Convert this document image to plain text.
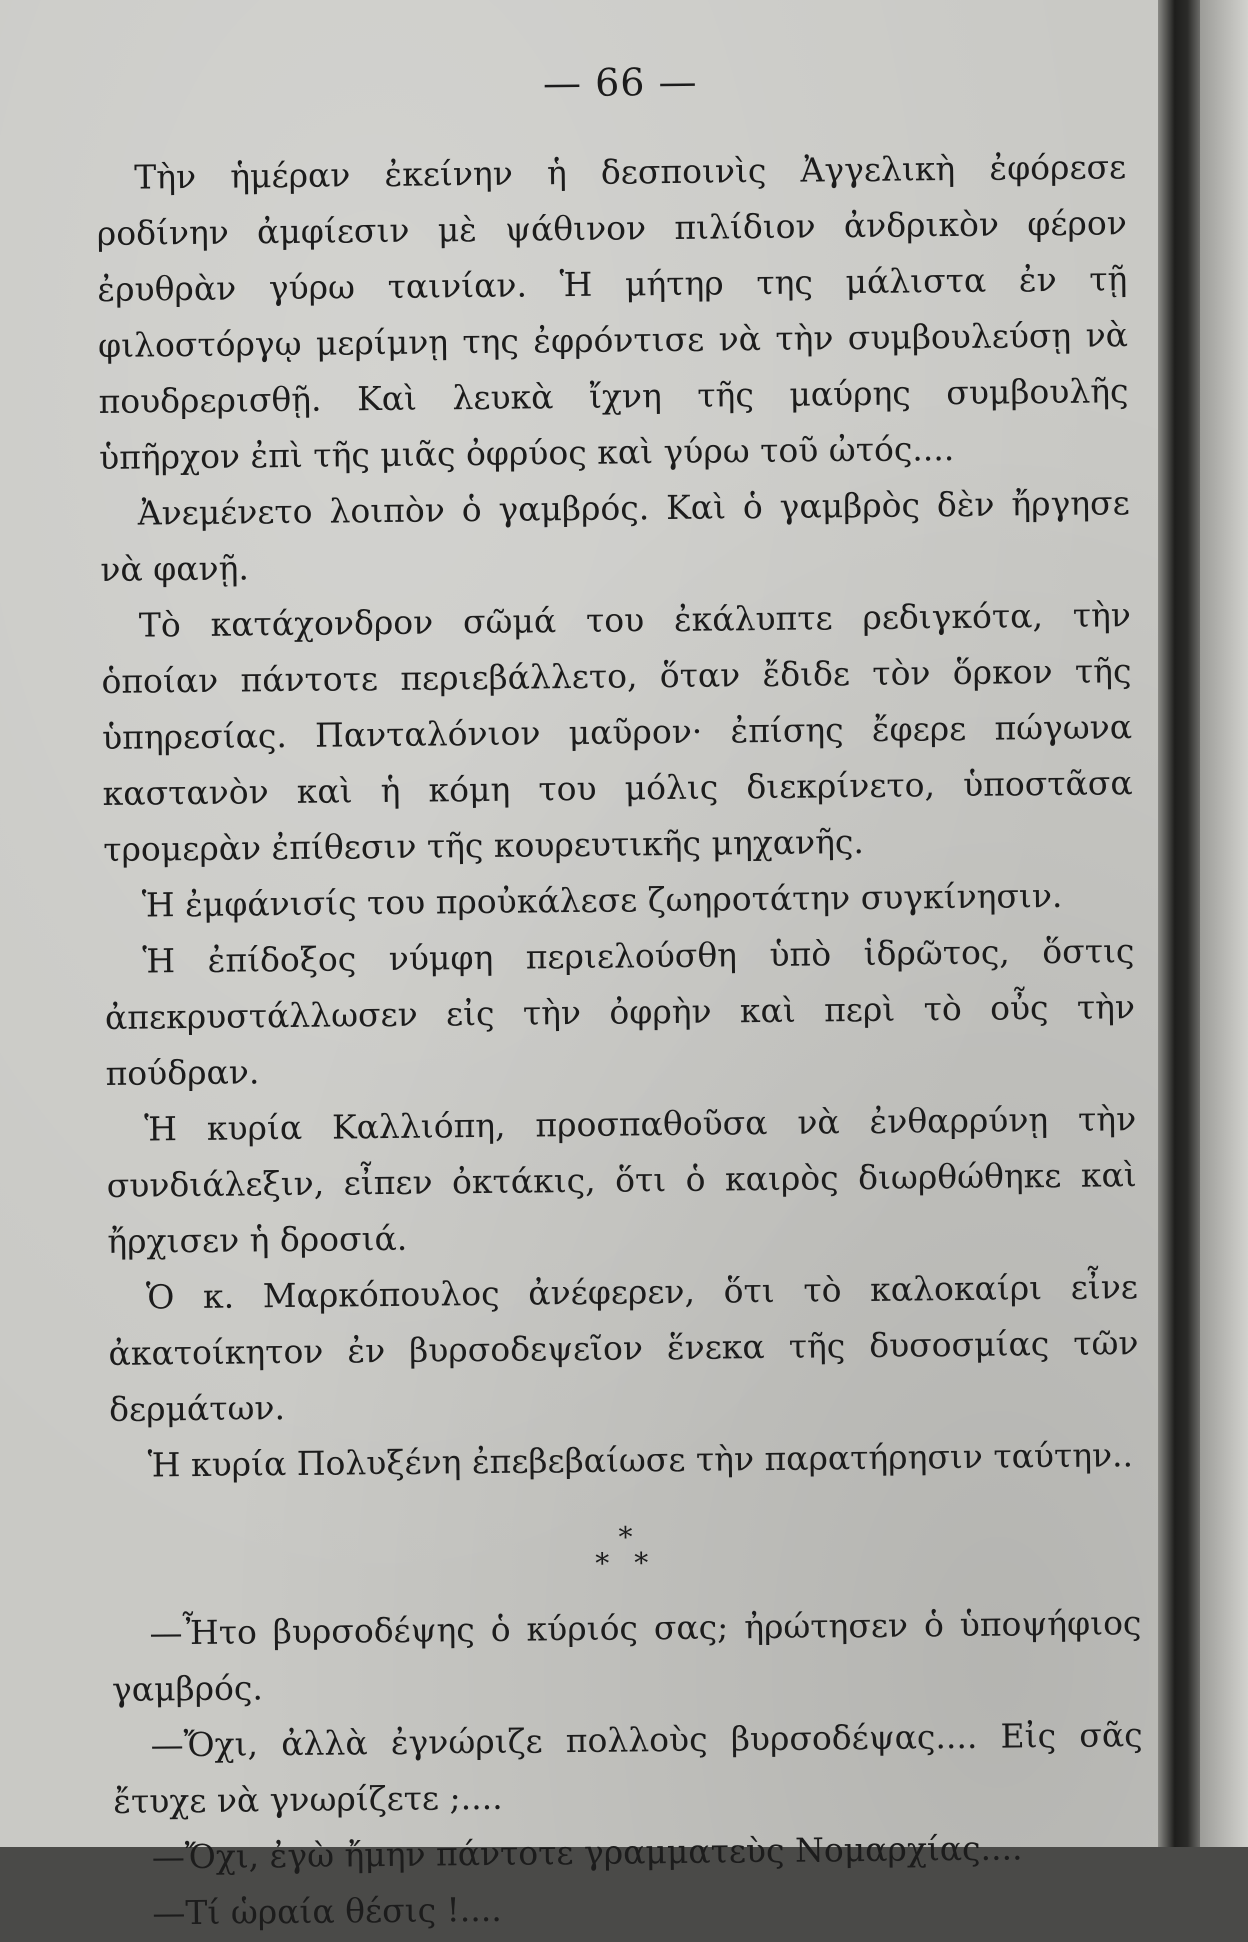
— 66 —

Τὴν ἡμέραν ἐκείνην ἡ δεσποινὶς Ἀγγελικὴ ἐφόρεσε ροδίνην ἀμφίεσιν μὲ ψάθινον πιλίδιον ἀνδρικὸν φέρον ἐρυθρὰν γύρω ταινίαν. Ἡ μήτηρ της μάλιστα ἐν τῇ φιλοστόργῳ μερίμνῃ της ἐφρόντισε νὰ τὴν συμβουλεύσῃ νὰ πουδρερισθῇ. Καὶ λευκὰ ἴχνη τῆς μαύρης συμβουλῆς ὑπῆρχον ἐπὶ τῆς μιᾶς ὀφρύος καὶ γύρω τοῦ ὠτός....

Ἀνεμένετο λοιπὸν ὁ γαμβρός. Καὶ ὁ γαμβρὸς δὲν ἤργησε νὰ φανῇ.

Τὸ κατάχονδρον σῶμά του ἐκάλυπτε ρεδιγκότα, τὴν ὁποίαν πάντοτε περιεβάλλετο, ὅταν ἔδιδε τὸν ὅρκον τῆς ὑπηρεσίας. Πανταλόνιον μαῦρον· ἐπίσης ἔφερε πώγωνα καστανὸν καὶ ἡ κόμη του μόλις διεκρίνετο, ὑποστᾶσα τρομερὰν ἐπίθεσιν τῆς κουρευτικῆς μηχανῆς.

Ἡ ἐμφάνισίς του προὐκάλεσε ζωηροτάτην συγκίνησιν.

Ἡ ἐπίδοξος νύμφη περιελούσθη ὑπὸ ἱδρῶτος, ὅστις ἀπεκρυστάλλωσεν εἰς τὴν ὀφρὴν καὶ περὶ τὸ οὖς τὴν πούδραν.

Ἡ κυρία Καλλιόπη, προσπαθοῦσα νὰ ἐνθαρρύνῃ τὴν συνδιάλεξιν, εἶπεν ὀκτάκις, ὅτι ὁ καιρὸς διωρθώθηκε καὶ ἤρχισεν ἡ δροσιά.

Ὁ κ. Μαρκόπουλος ἀνέφερεν, ὅτι τὸ καλοκαίρι εἶνε ἀκατοίκητον ἐν βυρσοδεψεῖον ἕνεκα τῆς δυσοσμίας τῶν δερμάτων.

Ἡ κυρία Πολυξένη ἐπεβεβαίωσε τὴν παρατήρησιν ταύτην..

*
* *

—Ἦτο βυρσοδέψης ὁ κύριός σας; ἠρώτησεν ὁ ὑποψήφιος γαμβρός.

—Ὄχι, ἀλλὰ ἐγνώριζε πολλοὺς βυρσοδέψας.... Εἰς σᾶς ἔτυχε νὰ γνωρίζετε ;....

—Ὄχι, ἐγὼ ἤμην πάντοτε γραμματεὺς Νομαρχίας....

—Τί ὡραία θέσις !....
